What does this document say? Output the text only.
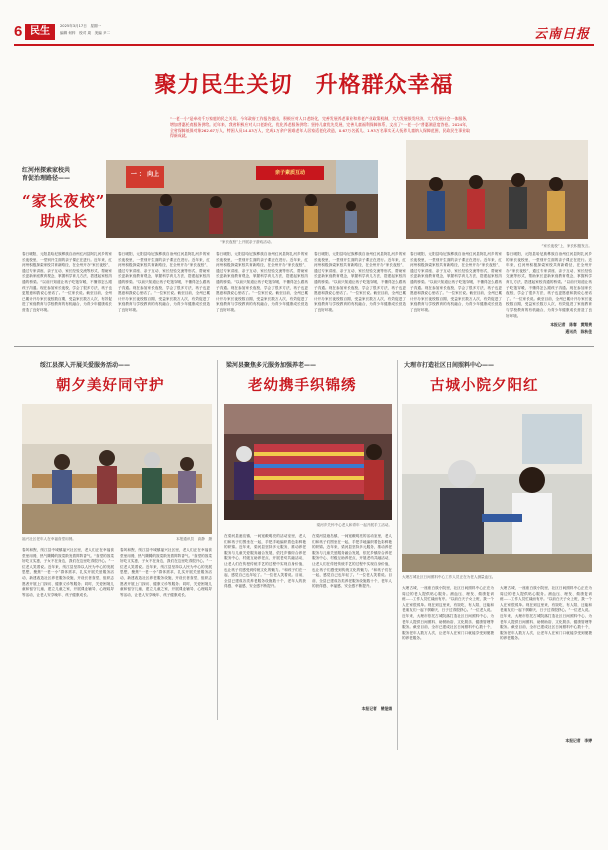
6 民生	2025年3月17日　星期一
编辑 何梓　校对 周　美编 尹二	云南日报
聚力民生关切　升格群众幸福
“一老一小”是牵动千万家庭的民之关切。今年政府工作报告提出，积极应对人口老龄化，完善发展养老事业和养老产业政策机制，大力发展银发经济，大力发展社会一体服务，增加普惠托育服务供给。近年来，我省积极应对人口老龄化，优化养老服务供给；坚持儿童优先发展，完善儿童福利保障体系，文出了“一老一小”普惠满意度答卷。2024年，全省保障低保对象262.67万人，特困人员14.03万人，完成1万余户困难老年人居家适老化改造，0.67万名孤儿、1.93万名事实无人抚养儿童纳入保障范围，民政民生事业取得新成就。
红河州探索家校共育促治理路径——
“家长夜校”
助成长
一 ： 向上	亲子素质互动
“家长夜校”上开展亲子游戏活动。
春日暖阳，元阳县哈尼族彝族自治州红河县阿扎河乡的家长夜校里，一堂别开生面的亲子课正在进行。近年来，红河州积极探索家校共育新路径，在全州开办“家长夜校”，通过专家讲座、亲子互动、家长经验交流等形式，帮助家长更新家庭教育观念，掌握科学育儿方法，搭建起家校沟通的桥梁。“以前只知道让孩子吃饱穿暖，不懂得怎么跟孩子沟通。现在参加家长夜校，学会了很多方法，孩子也更愿意和我说心里话了。”一位家长说。截至目前，全州已累计开办家长夜校数百期，受益家长数万人次，有效促进了家庭教育与学校教育的有机融合，为青少年健康成长营造了良好环境。
春日暖阳，元阳县哈尼族彝族自治州红河县阿扎河乡的家长夜校里，一堂别开生面的亲子课正在进行。近年来，红河州积极探索家校共育新路径，在全州开办“家长夜校”，通过专家讲座、亲子互动、家长经验交流等形式，帮助家长更新家庭教育观念，掌握科学育儿方法，搭建起家校沟通的桥梁。“以前只知道让孩子吃饱穿暖，不懂得怎么跟孩子沟通。现在参加家长夜校，学会了很多方法，孩子也更愿意和我说心里话了。”一位家长说。截至目前，全州已累计开办家长夜校数百期，受益家长数万人次，有效促进了家庭教育与学校教育的有机融合，为青少年健康成长营造了良好环境。
春日暖阳，元阳县哈尼族彝族自治州红河县阿扎河乡的家长夜校里，一堂别开生面的亲子课正在进行。近年来，红河州积极探索家校共育新路径，在全州开办“家长夜校”，通过专家讲座、亲子互动、家长经验交流等形式，帮助家长更新家庭教育观念，掌握科学育儿方法，搭建起家校沟通的桥梁。“以前只知道让孩子吃饱穿暖，不懂得怎么跟孩子沟通。现在参加家长夜校，学会了很多方法，孩子也更愿意和我说心里话了。”一位家长说。截至目前，全州已累计开办家长夜校数百期，受益家长数万人次，有效促进了家庭教育与学校教育的有机融合，为青少年健康成长营造了良好环境。
春日暖阳，元阳县哈尼族彝族自治州红河县阿扎河乡的家长夜校里，一堂别开生面的亲子课正在进行。近年来，红河州积极探索家校共育新路径，在全州开办“家长夜校”，通过专家讲座、亲子互动、家长经验交流等形式，帮助家长更新家庭教育观念，掌握科学育儿方法，搭建起家校沟通的桥梁。“以前只知道让孩子吃饱穿暖，不懂得怎么跟孩子沟通。现在参加家长夜校，学会了很多方法，孩子也更愿意和我说心里话了。”一位家长说。截至目前，全州已累计开办家长夜校数百期，受益家长数万人次，有效促进了家庭教育与学校教育的有机融合，为青少年健康成长营造了良好环境。
春日暖阳，元阳县哈尼族彝族自治州红河县阿扎河乡的家长夜校里，一堂别开生面的亲子课正在进行。近年来，红河州积极探索家校共育新路径，在全州开办“家长夜校”，通过专家讲座、亲子互动、家长经验交流等形式，帮助家长更新家庭教育观念，掌握科学育儿方法，搭建起家校沟通的桥梁。“以前只知道让孩子吃饱穿暖，不懂得怎么跟孩子沟通。现在参加家长夜校，学会了很多方法，孩子也更愿意和我说心里话了。”一位家长说。截至目前，全州已累计开办家长夜校数百期，受益家长数万人次，有效促进了家庭教育与学校教育的有机融合，为青少年健康成长营造了良好环境。
“家长夜校”上，家长积极发言。
春日暖阳，元阳县哈尼族彝族自治州红河县阿扎河乡的家长夜校里，一堂别开生面的亲子课正在进行。近年来，红河州积极探索家校共育新路径，在全州开办“家长夜校”，通过专家讲座、亲子互动、家长经验交流等形式，帮助家长更新家庭教育观念，掌握科学育儿方法，搭建起家校沟通的桥梁。“以前只知道让孩子吃饱穿暖，不懂得怎么跟孩子沟通。现在参加家长夜校，学会了很多方法，孩子也更愿意和我说心里话了。”一位家长说。截至目前，全州已累计开办家长夜校数百期，受益家长数万人次，有效促进了家庭教育与学校教育的有机融合，为青少年健康成长营造了良好环境。
本报记者　陈春　黄翔贵
通讯员　陈秋佳
绥江县深入开展关爱服务活动——
朝夕美好同守护
福兴社区老年人在幸福食堂用餐。	本报通讯员　高静　摄
春风和煦，绥江县中城镇福兴社区里，老人们正在幸福食堂里用餐，热气腾腾的饭菜散发着阵阵香气。“食堂的饭菜好吃又实惠，子女不在身边，我们在这里吃得很开心。”一位老人笑着说。近年来，绥江县坚持以人民为中心的发展思想，聚焦“一老一小”群体需求，扎实开展关爱服务活动，新建改造社区养老服务设施，开设长者食堂，组织志愿者开展上门探访、健康义诊等服务；同时，关爱困境儿童和留守儿童，建立儿童之家，开展课业辅导、心理疏导等活动，让老人安享晚年、孩子健康成长。
春风和煦，绥江县中城镇福兴社区里，老人们正在幸福食堂里用餐，热气腾腾的饭菜散发着阵阵香气。“食堂的饭菜好吃又实惠，子女不在身边，我们在这里吃得很开心。”一位老人笑着说。近年来，绥江县坚持以人民为中心的发展思想，聚焦“一老一小”群体需求，扎实开展关爱服务活动，新建改造社区养老服务设施，开设长者食堂，组织志愿者开展上门探访、健康义诊等服务；同时，关爱困境儿童和留守儿童，建立儿童之家，开展课业辅导、心理疏导等活动，让老人安享晚年、孩子健康成长。
梁河县聚焦多元服务加强养老——
老幼携手织锦绣
梁河乡关怀中心老人和青年一起开展手工活动。
在梁河县遮岛镇，一间宽敞明亮的活动室里，老人们和孩子们围坐在一起，手把手地编织着色彩鲜艳的织锦。近年来，梁河县坚持多元服务，推动养老服务与儿童关爱服务融合发展，依托乡镇综合养老服务中心、村级互助养老点，开展老幼共融活动，让老人们在传授传统手艺的过程中实现自身价值，也让孩子们感受到传统文化的魅力。“和孩子们在一起，感觉自己也年轻了。”一位老人笑着说。目前，全县已建成各类养老服务设施数十个，老年人的获得感、幸福感、安全感不断提升。
在梁河县遮岛镇，一间宽敞明亮的活动室里，老人们和孩子们围坐在一起，手把手地编织着色彩鲜艳的织锦。近年来，梁河县坚持多元服务，推动养老服务与儿童关爱服务融合发展，依托乡镇综合养老服务中心、村级互助养老点，开展老幼共融活动，让老人们在传授传统手艺的过程中实现自身价值，也让孩子们感受到传统文化的魅力。“和孩子们在一起，感觉自己也年轻了。”一位老人笑着说。目前，全县已建成各类养老服务设施数十个，老年人的获得感、幸福感、安全感不断提升。
本报记者　曾娅娟
大理市打造社区日间照料中心——
古城小院夕阳红
大理古城社区日间照料中心工作人员正在为老人测量血压。
大理古城，一座座白族小院里，社区日间照料中心正在为周边的老人提供贴心服务。测血压、理发、做康复训练……工作人员忙碌而有序。“以前白天子女上班，我一个人在家很孤单。现在到这里来，有饭吃、有人陪，还能和老朋友们一起下棋聊天，日子过得很舒心。”一位老人说。近年来，大理市依托古城院落打造社区日间照料中心，为老年人提供日间照料、助餐助浴、文化娱乐、健康管理等服务。截至目前，全市已建成社区日间照料中心数十个，服务老年人数万人次，让老年人在家门口就能享受到便捷的养老服务。
大理古城，一座座白族小院里，社区日间照料中心正在为周边的老人提供贴心服务。测血压、理发、做康复训练……工作人员忙碌而有序。“以前白天子女上班，我一个人在家很孤单。现在到这里来，有饭吃、有人陪，还能和老朋友们一起下棋聊天，日子过得很舒心。”一位老人说。近年来，大理市依托古城院落打造社区日间照料中心，为老年人提供日间照料、助餐助浴、文化娱乐、健康管理等服务。截至目前，全市已建成社区日间照料中心数十个，服务老年人数万人次，让老年人在家门口就能享受到便捷的养老服务。
本报记者　李婷
